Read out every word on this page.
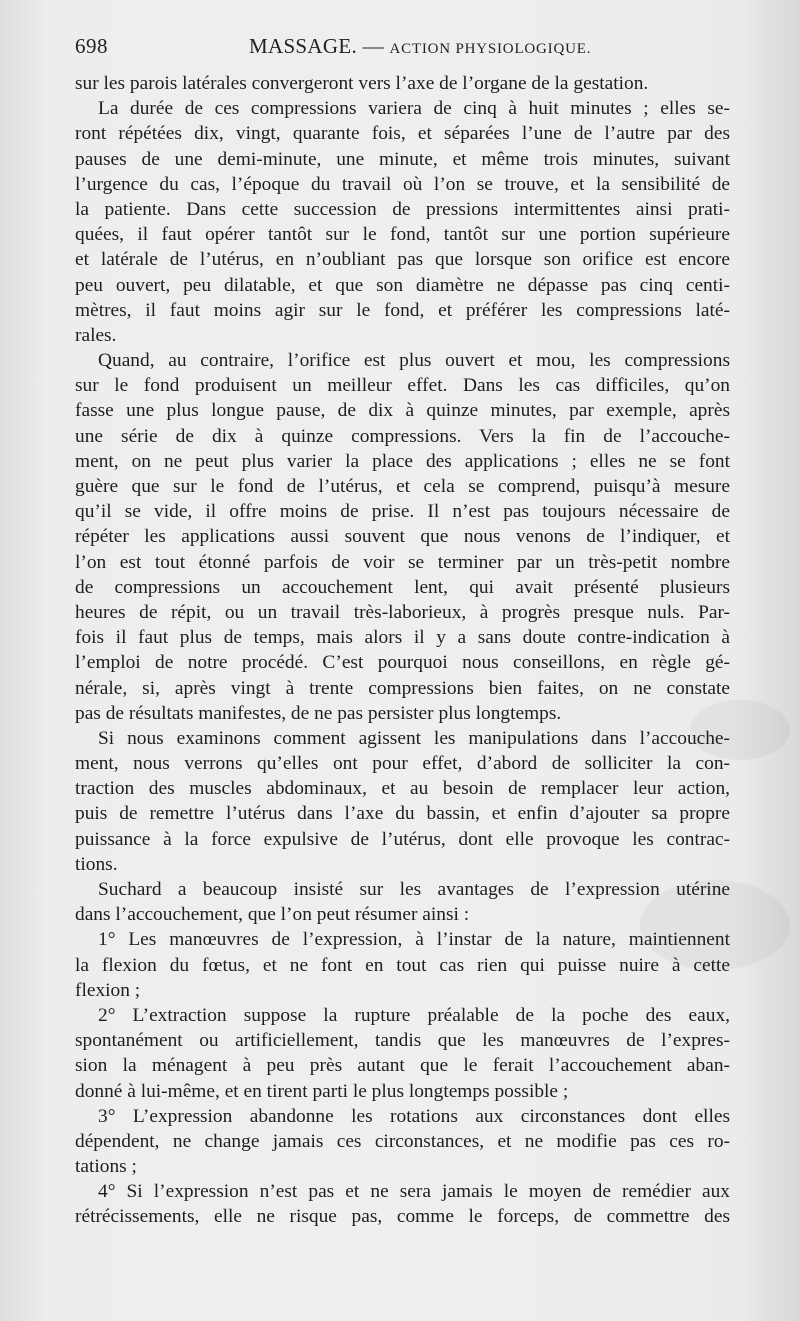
698	MASSAGE. — ACTION PHYSIOLOGIQUE.
sur les parois latérales convergeront vers l’axe de l’organe de la gestation.
La durée de ces compressions variera de cinq à huit minutes ; elles se-
ront répétées dix, vingt, quarante fois, et séparées l’une de l’autre par des
pauses de une demi-minute, une minute, et même trois minutes, suivant
l’urgence du cas, l’époque du travail où l’on se trouve, et la sensibilité de
la patiente. Dans cette succession de pressions intermittentes ainsi prati-
quées, il faut opérer tantôt sur le fond, tantôt sur une portion supérieure
et latérale de l’utérus, en n’oubliant pas que lorsque son orifice est encore
peu ouvert, peu dilatable, et que son diamètre ne dépasse pas cinq centi-
mètres, il faut moins agir sur le fond, et préférer les compressions laté-
rales.
Quand, au contraire, l’orifice est plus ouvert et mou, les compressions
sur le fond produisent un meilleur effet. Dans les cas difficiles, qu’on
fasse une plus longue pause, de dix à quinze minutes, par exemple, après
une série de dix à quinze compressions. Vers la fin de l’accouche-
ment, on ne peut plus varier la place des applications ; elles ne se font
guère que sur le fond de l’utérus, et cela se comprend, puisqu’à mesure
qu’il se vide, il offre moins de prise. Il n’est pas toujours nécessaire de
répéter les applications aussi souvent que nous venons de l’indiquer, et
l’on est tout étonné parfois de voir se terminer par un très-petit nombre
de compressions un accouchement lent, qui avait présenté plusieurs
heures de répit, ou un travail très-laborieux, à progrès presque nuls. Par-
fois il faut plus de temps, mais alors il y a sans doute contre-indication à
l’emploi de notre procédé. C’est pourquoi nous conseillons, en règle gé-
nérale, si, après vingt à trente compressions bien faites, on ne constate
pas de résultats manifestes, de ne pas persister plus longtemps.
Si nous examinons comment agissent les manipulations dans l’accouche-
ment, nous verrons qu’elles ont pour effet, d’abord de solliciter la con-
traction des muscles abdominaux, et au besoin de remplacer leur action,
puis de remettre l’utérus dans l’axe du bassin, et enfin d’ajouter sa propre
puissance à la force expulsive de l’utérus, dont elle provoque les contrac-
tions.
Suchard a beaucoup insisté sur les avantages de l’expression utérine
dans l’accouchement, que l’on peut résumer ainsi :
1° Les manœuvres de l’expression, à l’instar de la nature, maintiennent
la flexion du fœtus, et ne font en tout cas rien qui puisse nuire à cette
flexion ;
2° L’extraction suppose la rupture préalable de la poche des eaux,
spontanément ou artificiellement, tandis que les manœuvres de l’expres-
sion la ménagent à peu près autant que le ferait l’accouchement aban-
donné à lui-même, et en tirent parti le plus longtemps possible ;
3° L’expression abandonne les rotations aux circonstances dont elles
dépendent, ne change jamais ces circonstances, et ne modifie pas ces ro-
tations ;
4° Si l’expression n’est pas et ne sera jamais le moyen de remédier aux
rétrécissements, elle ne risque pas, comme le forceps, de commettre des
